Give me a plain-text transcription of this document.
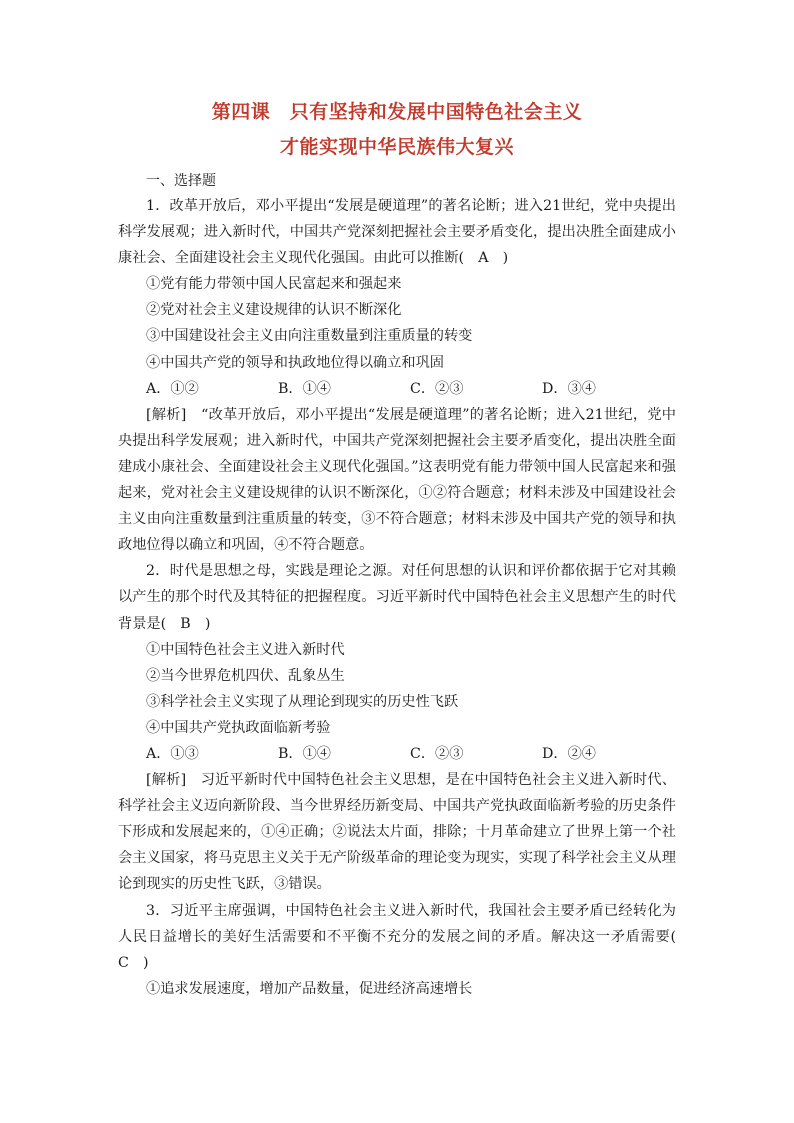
第四课　只有坚持和发展中国特色社会主义
才能实现中华民族伟大复兴
一、选择题

1．改革开放后，邓小平提出“发展是硬道理”的著名论断；进入21世纪，党中央提出科学发展观；进入新时代，中国共产党深刻把握社会主要矛盾变化，提出决胜全面建成小康社会、全面建设社会主义现代化强国。由此可以推断(　A　)

①党有能力带领中国人民富起来和强起来

②党对社会主义建设规律的认识不断深化

③中国建设社会主义由向注重数量到注重质量的转变

④中国共产党的领导和执政地位得以确立和巩固

A．①②	B．①④	C．②③	D．③④

[解析]　“改革开放后，邓小平提出“发展是硬道理”的著名论断；进入21世纪，党中央提出科学发展观；进入新时代，中国共产党深刻把握社会主要矛盾变化，提出决胜全面建成小康社会、全面建设社会主义现代化强国。”这表明党有能力带领中国人民富起来和强起来，党对社会主义建设规律的认识不断深化，①②符合题意；材料未涉及中国建设社会主义由向注重数量到注重质量的转变，③不符合题意；材料未涉及中国共产党的领导和执政地位得以确立和巩固，④不符合题意。

2．时代是思想之母，实践是理论之源。对任何思想的认识和评价都依据于它对其赖以产生的那个时代及其特征的把握程度。习近平新时代中国特色社会主义思想产生的时代背景是(　B　)

①中国特色社会主义进入新时代

②当今世界危机四伏、乱象丛生

③科学社会主义实现了从理论到现实的历史性飞跃

④中国共产党执政面临新考验

A．①③	B．①④	C．②③	D．②④

[解析]　习近平新时代中国特色社会主义思想，是在中国特色社会主义进入新时代、科学社会主义迈向新阶段、当今世界经历新变局、中国共产党执政面临新考验的历史条件下形成和发展起来的，①④正确；②说法太片面，排除；十月革命建立了世界上第一个社会主义国家，将马克思主义关于无产阶级革命的理论变为现实，实现了科学社会主义从理论到现实的历史性飞跃，③错误。

3．习近平主席强调，中国特色社会主义进入新时代，我国社会主要矛盾已经转化为人民日益增长的美好生活需要和不平衡不充分的发展之间的矛盾。解决这一矛盾需要(　C　)

①追求发展速度，增加产品数量，促进经济高速增长
